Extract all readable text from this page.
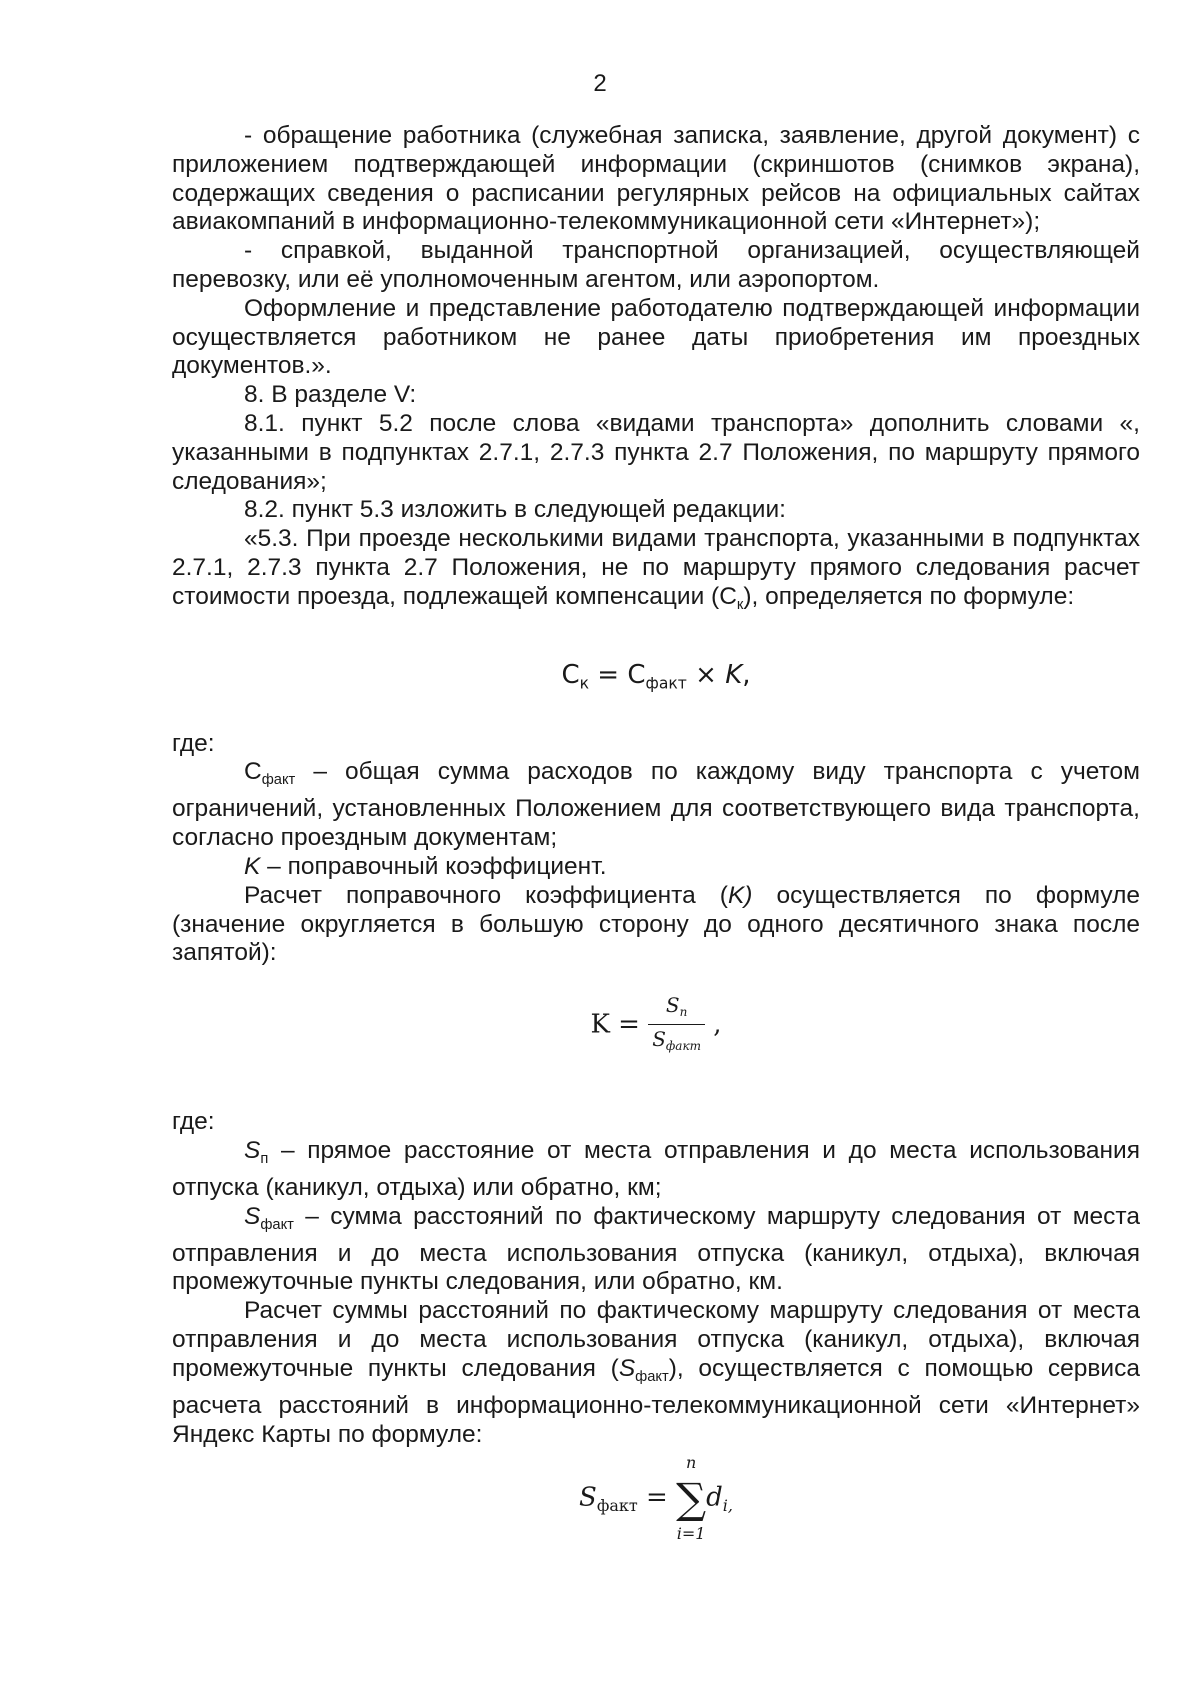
2

- обращение работника (служебная записка, заявление, другой документ) с приложением подтверждающей информации (скриншотов (снимков экрана), содержащих сведения о расписании регулярных рейсов на официальных сайтах авиакомпаний в информационно-телекоммуникационной сети «Интернет»);

- справкой, выданной транспортной организацией, осуществляющей перевозку, или её уполномоченным агентом, или аэропортом.

Оформление и представление работодателю подтверждающей информации осуществляется работником не ранее даты приобретения им проездных документов.».

8. В разделе V:

8.1. пункт 5.2 после слова «видами транспорта» дополнить словами «, указанными в подпунктах 2.7.1, 2.7.3 пункта 2.7 Положения, по маршруту прямого следования»;

8.2. пункт 5.3 изложить в следующей редакции:

«5.3. При проезде несколькими видами транспорта, указанными в подпунктах 2.7.1, 2.7.3 пункта 2.7 Положения, не по маршруту прямого следования расчет стоимости проезда, подлежащей компенсации $(С_к)$, определяется по формуле:

$С_к = С_{факт} \times K$,

где:

$С_{факт}$ – общая сумма расходов по каждому виду транспорта с учетом ограничений, установленных Положением для соответствующего вида транспорта, согласно проездным документам;

K – поправочный коэффициент.

Расчет поправочного коэффициента (K) осуществляется по формуле (значение округляется в большую сторону до одного десятичного знака после запятой):

$K = \frac{S_п}{S_{факт}}$ ,

где:

$S_п$ – прямое расстояние от места отправления и до места использования отпуска (каникул, отдыха) или обратно, км;

$S_{факт}$ – сумма расстояний по фактическому маршруту следования от места отправления и до места использования отпуска (каникул, отдыха), включая промежуточные пункты следования, или обратно, км.

Расчет суммы расстояний по фактическому маршруту следования от места отправления и до места использования отпуска (каникул, отдыха), включая промежуточные пункты следования $(S_{факт})$, осуществляется с помощью сервиса расчета расстояний в информационно-телекоммуникационной сети «Интернет» Яндекс Карты по формуле:

$S_{факт}$ =
n
∑
i=1
$d_{i,}$
